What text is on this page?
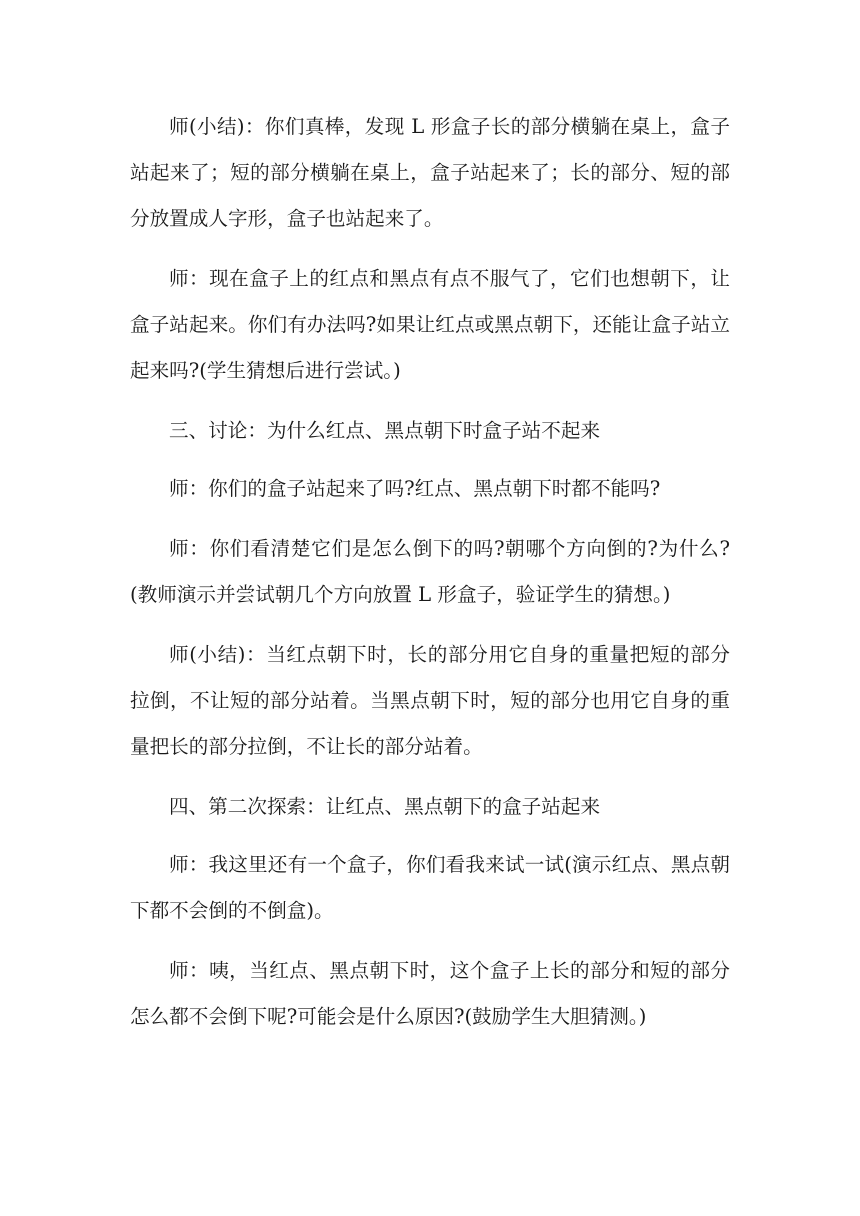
师(小结)：你们真棒，发现 L 形盒子长的部分横躺在桌上，盒子站起来了；短的部分横躺在桌上，盒子站起来了；长的部分、短的部分放置成人字形，盒子也站起来了。

师：现在盒子上的红点和黑点有点不服气了，它们也想朝下，让盒子站起来。你们有办法吗?如果让红点或黑点朝下，还能让盒子站立起来吗?(学生猜想后进行尝试。)

三、讨论：为什么红点、黑点朝下时盒子站不起来

师：你们的盒子站起来了吗?红点、黑点朝下时都不能吗?

师：你们看清楚它们是怎么倒下的吗?朝哪个方向倒的?为什么?          (教师演示并尝试朝几个方向放置 L 形盒子，验证学生的猜想。)

师(小结)：当红点朝下时，长的部分用它自身的重量把短的部分拉倒，不让短的部分站着。当黑点朝下时，短的部分也用它自身的重量把长的部分拉倒，不让长的部分站着。

四、第二次探索：让红点、黑点朝下的盒子站起来

师：我这里还有一个盒子，你们看我来试一试(演示红点、黑点朝下都不会倒的不倒盒)。

师：咦，当红点、黑点朝下时，这个盒子上长的部分和短的部分怎么都不会倒下呢?可能会是什么原因?(鼓励学生大胆猜测。)
